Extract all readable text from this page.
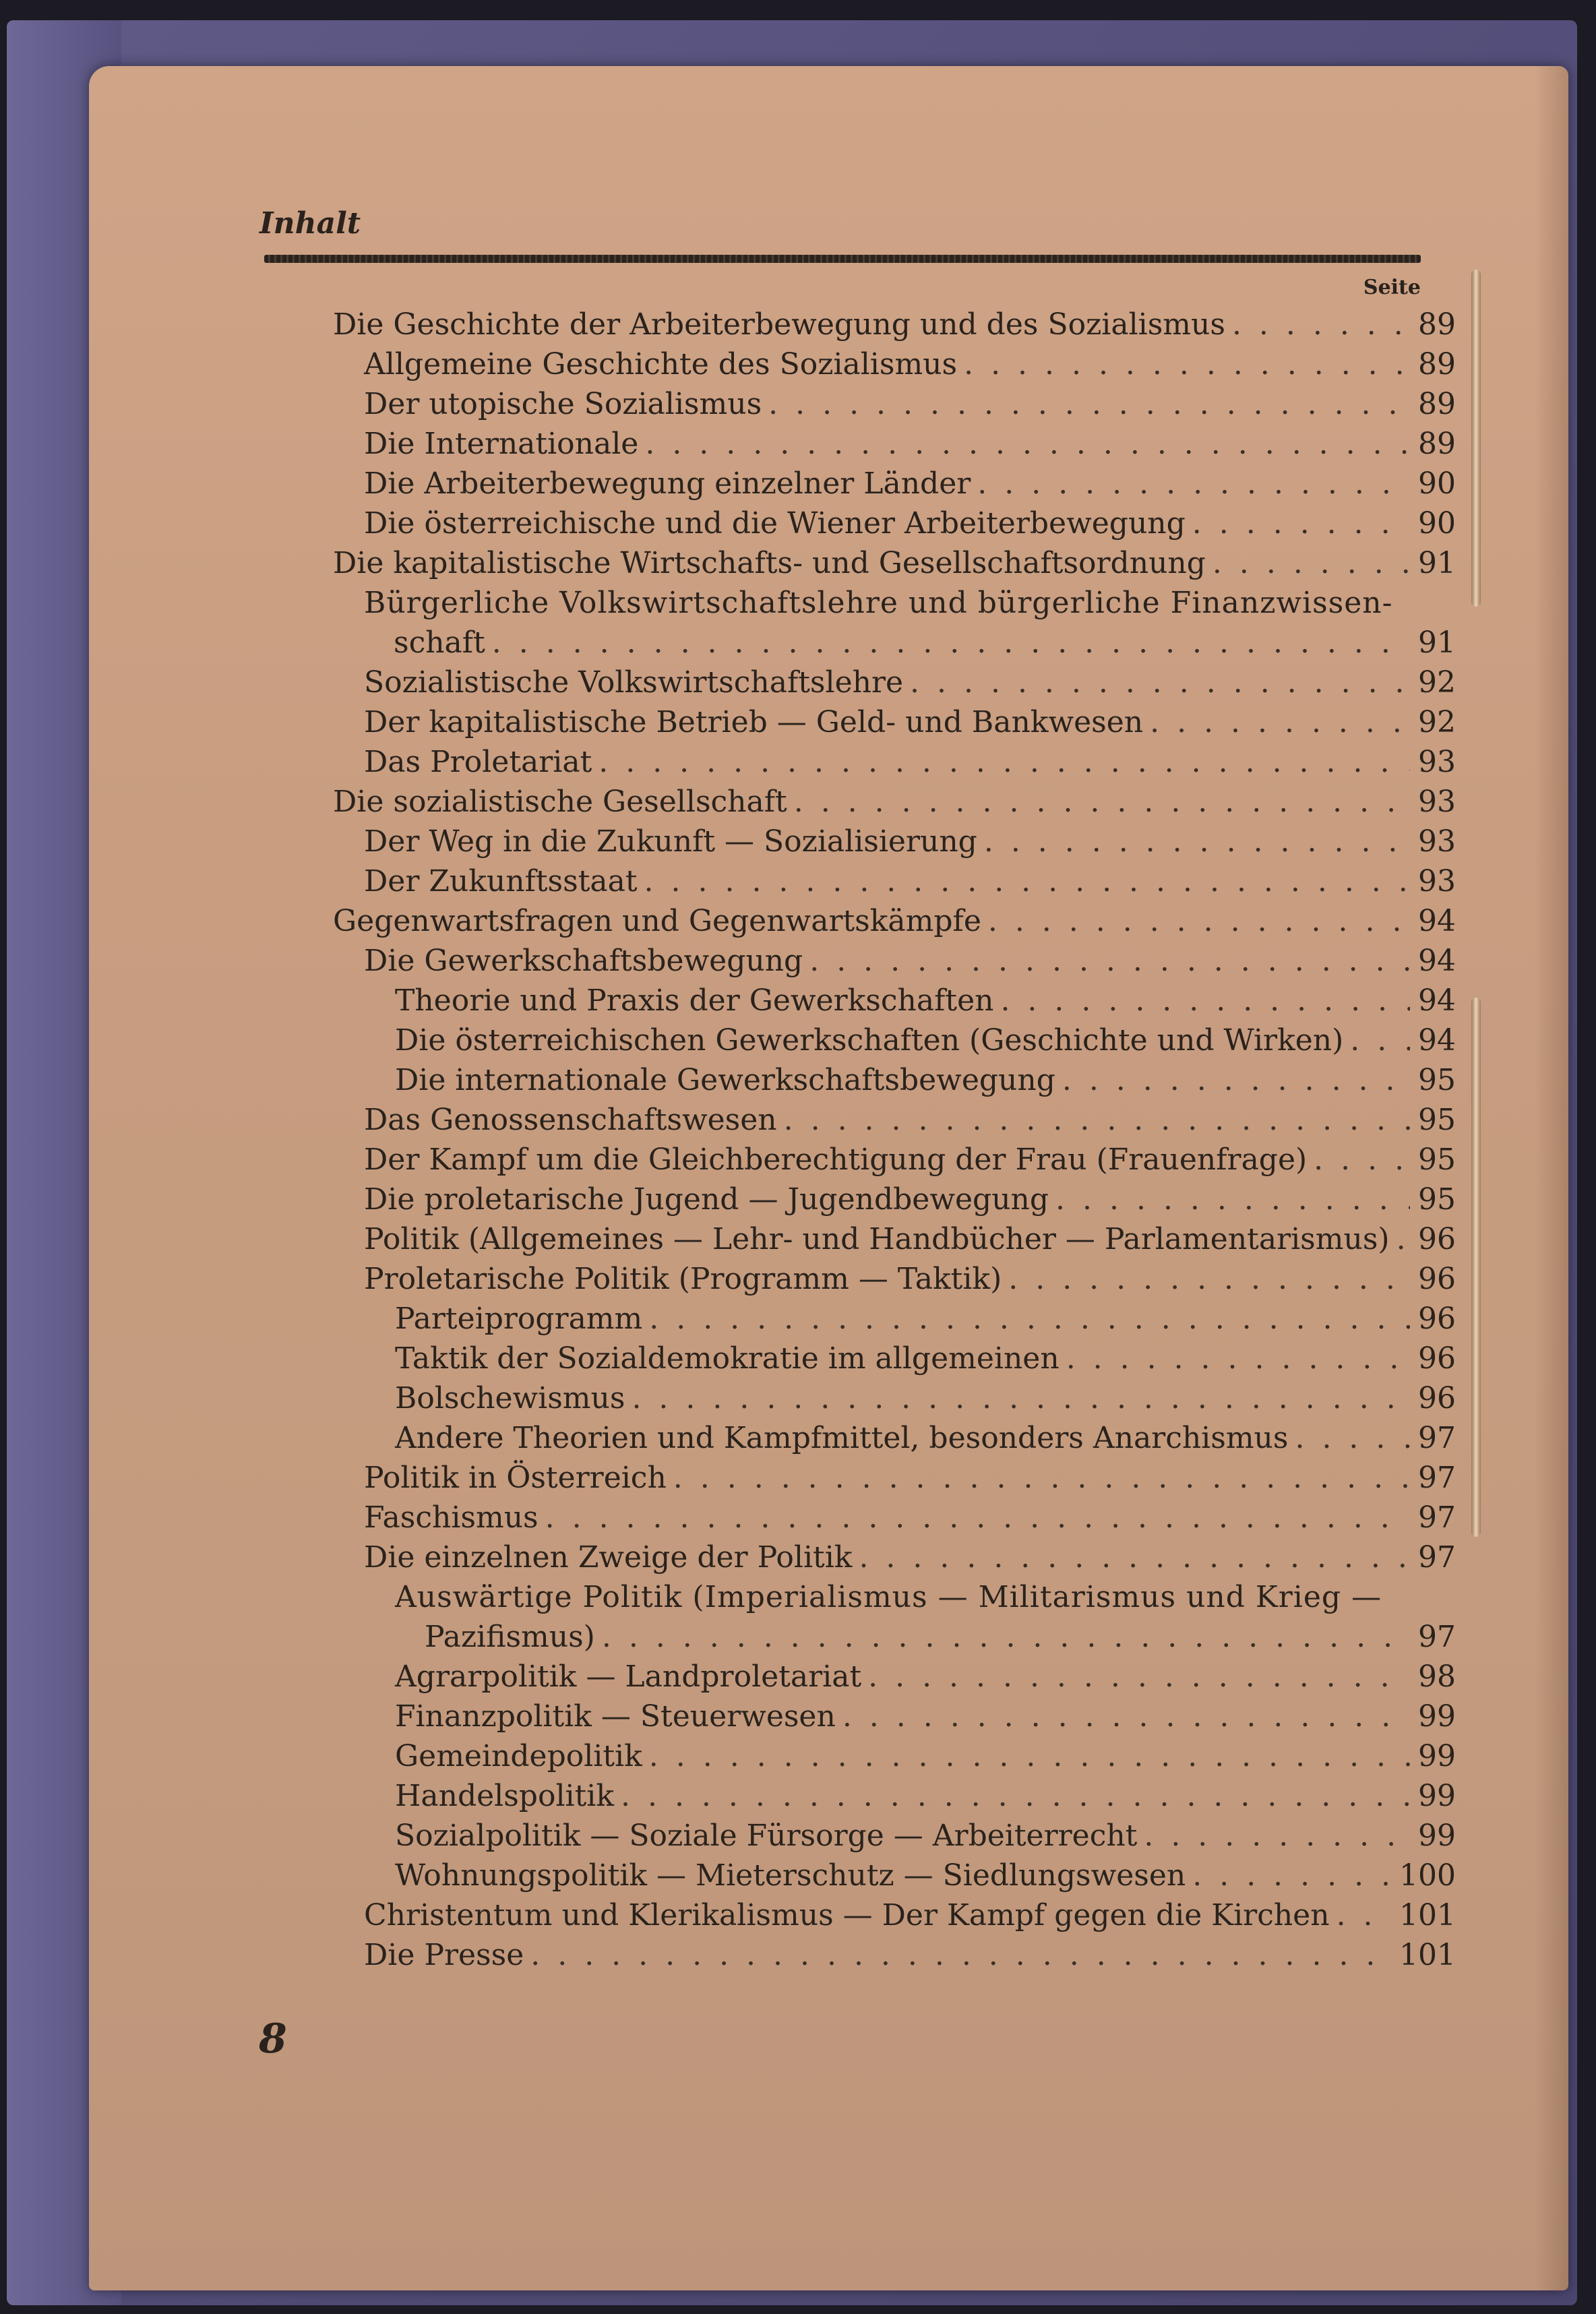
Inhalt
Seite
Die Geschichte der Arbeiterbewegung und des Sozialismus . . .	89
Allgemeine Geschichte des Sozialismus . . .	89
Der utopische Sozialismus . . .	89
Die Internationale . . .	89
Die Arbeiterbewegung einzelner Länder . . .	90
Die österreichische und die Wiener Arbeiterbewegung . . .	90
Die kapitalistische Wirtschafts- und Gesellschaftsordnung . . .	91
Bürgerliche Volkswirtschaftslehre und bürgerliche Finanzwissen-
schaft . . .	91
Sozialistische Volkswirtschaftslehre . . .	92
Der kapitalistische Betrieb — Geld- und Bankwesen . . .	92
Das Proletariat . . .	93
Die sozialistische Gesellschaft . . .	93
Der Weg in die Zukunft — Sozialisierung . . .	93
Der Zukunftsstaat . . .	93
Gegenwartsfragen und Gegenwartskämpfe . . .	94
Die Gewerkschaftsbewegung . . .	94
Theorie und Praxis der Gewerkschaften . . .	94
Die österreichischen Gewerkschaften (Geschichte und Wirken) . . .	94
Die internationale Gewerkschaftsbewegung . . .	95
Das Genossenschaftswesen . . .	95
Der Kampf um die Gleichberechtigung der Frau (Frauenfrage) . . .	95
Die proletarische Jugend — Jugendbewegung . . .	95
Politik (Allgemeines — Lehr- und Handbücher — Parlamentarismus) . . . 96
Proletarische Politik (Programm — Taktik) . . .	96
Parteiprogramm . . .	96
Taktik der Sozialdemokratie im allgemeinen . . .	96
Bolschewismus . . .	96
Andere Theorien und Kampfmittel, besonders Anarchismus . . .	97
Politik in Österreich . . .	97
Faschismus . . .	97
Die einzelnen Zweige der Politik . . .	97
Auswärtige Politik (Imperialismus — Militarismus und Krieg —
Pazifismus) . . .	97
Agrarpolitik — Landproletariat . . .	98
Finanzpolitik — Steuerwesen . . .	99
Gemeindepolitik . . .	99
Handelspolitik . . .	99
Sozialpolitik — Soziale Fürsorge — Arbeiterrecht . . .	99
Wohnungspolitik — Mieterschutz — Siedlungswesen . . .	100
Christentum und Klerikalismus — Der Kampf gegen die Kirchen . . . 101
Die Presse . . .	101
8
